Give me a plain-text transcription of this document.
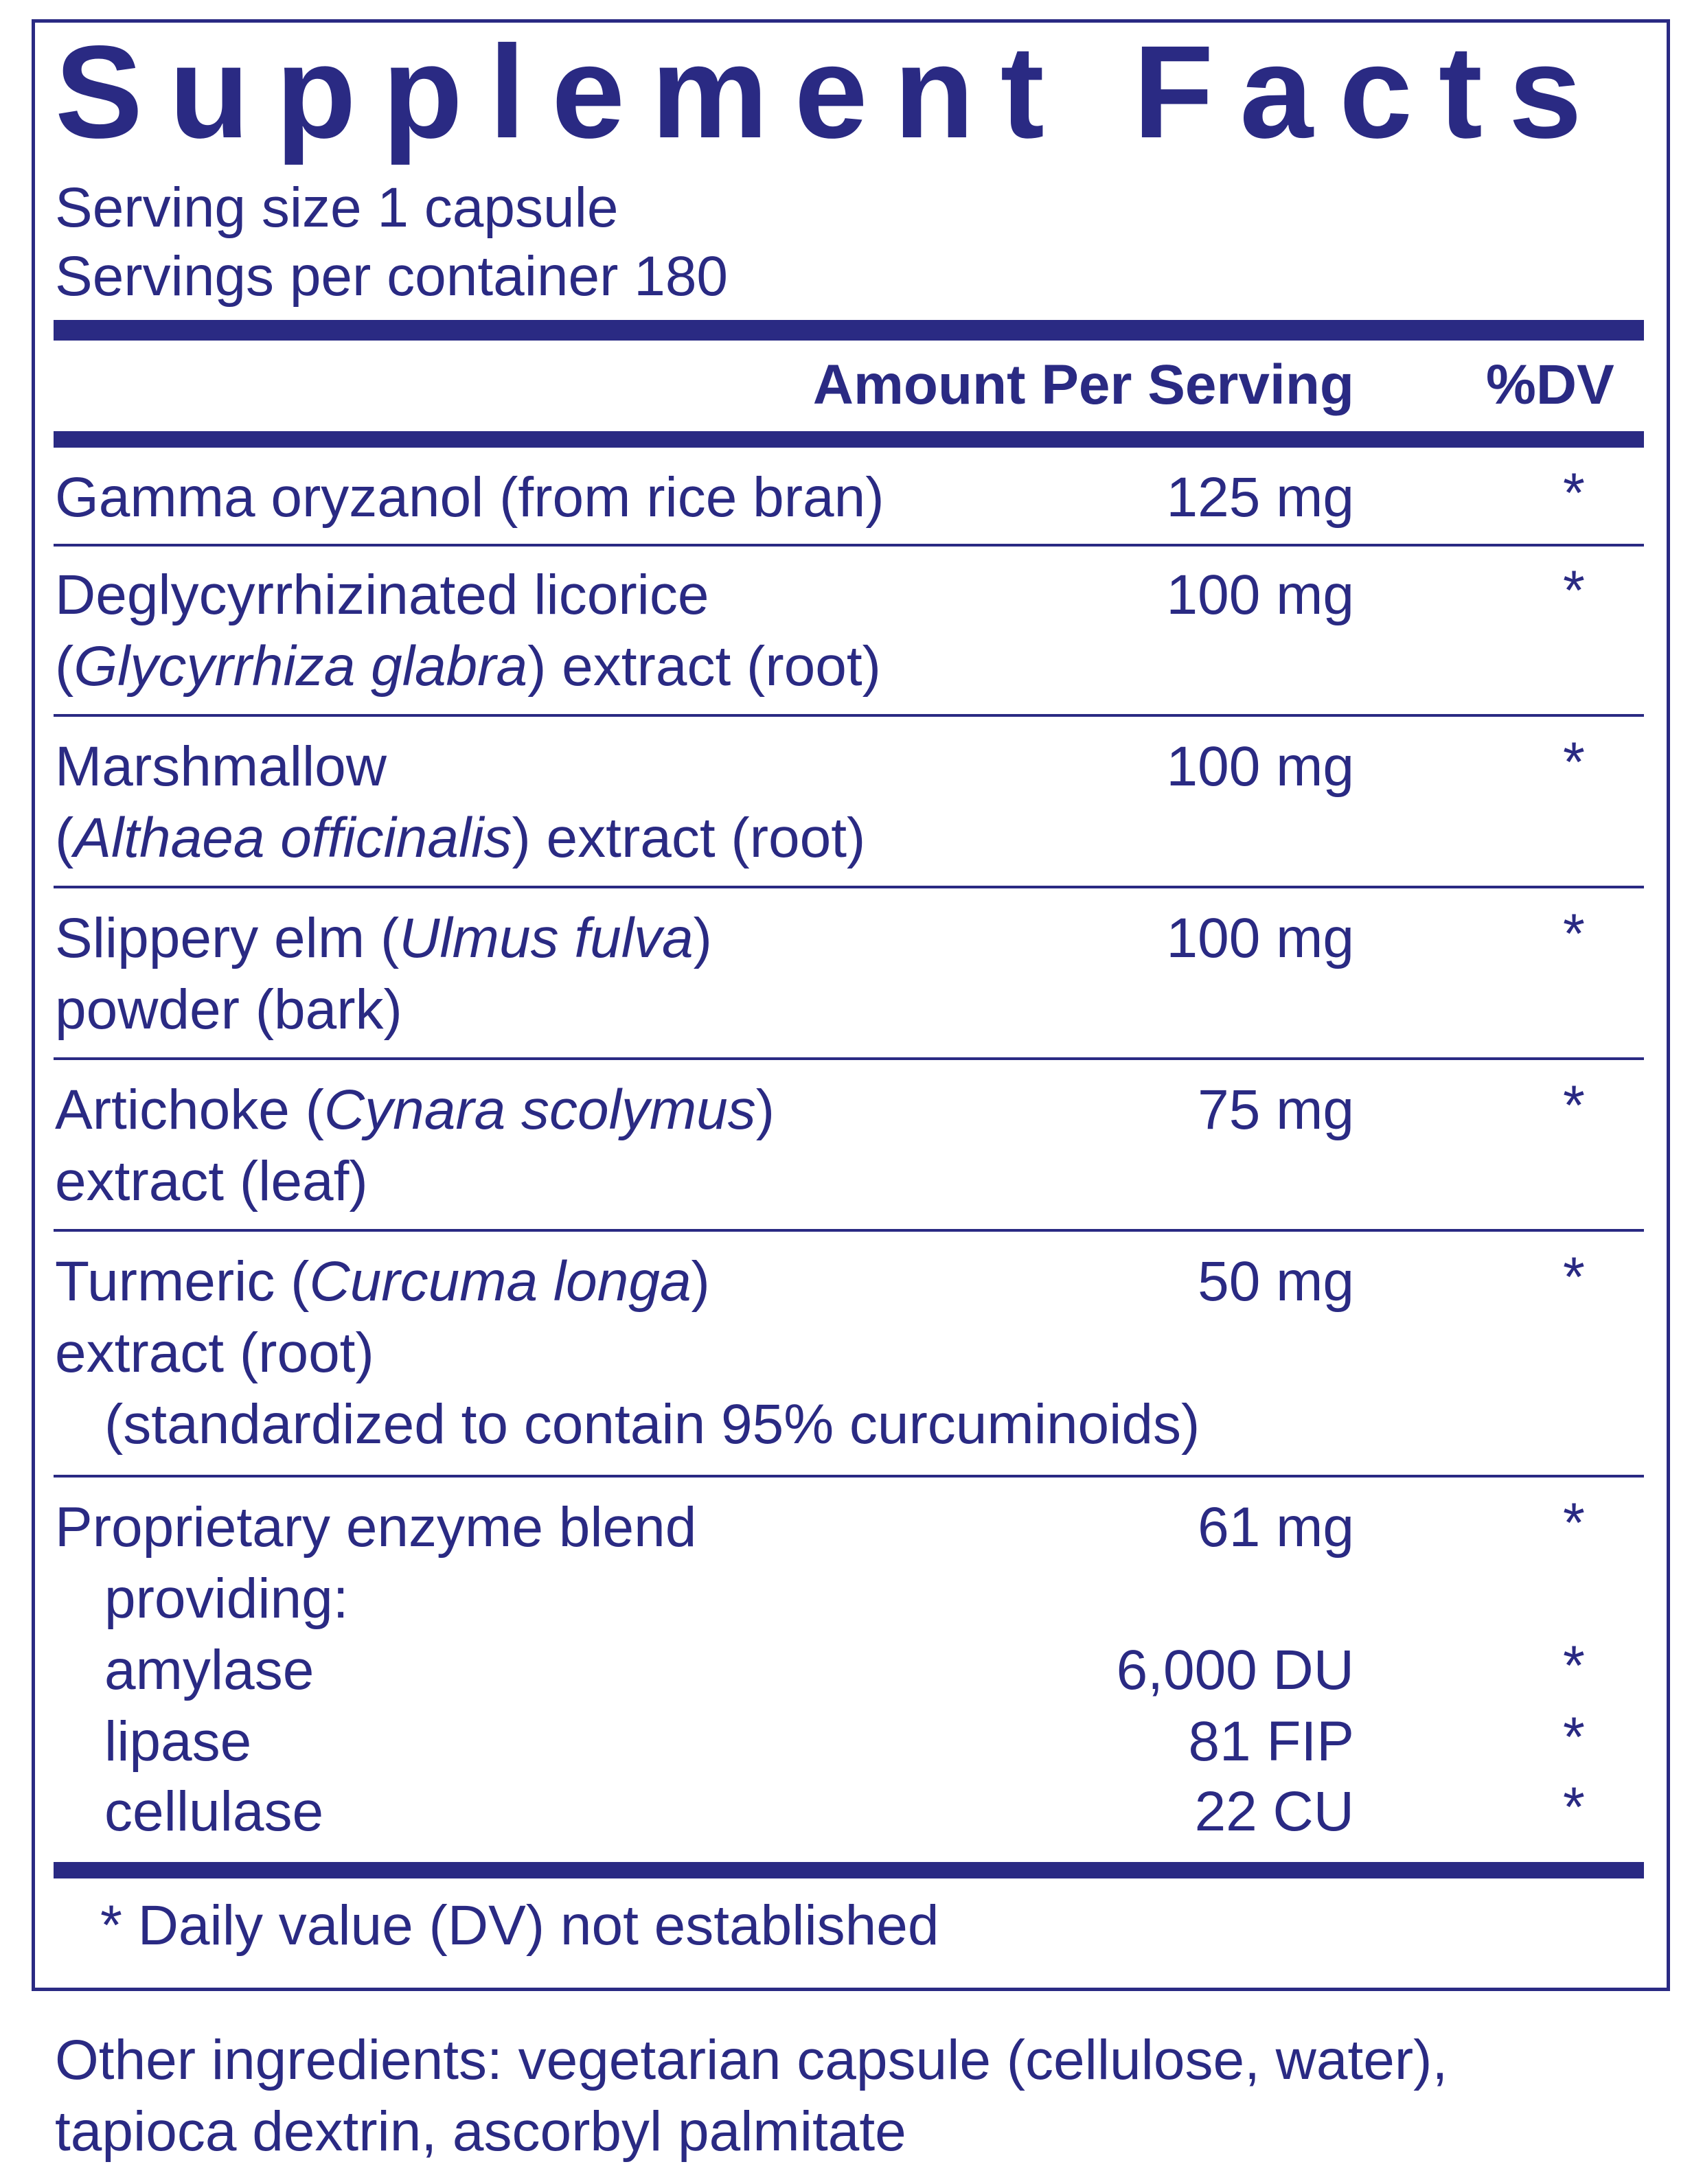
Supplement Facts
Serving size 1 capsule
Servings per container 180
Amount Per Serving %DV
Gamma oryzanol (from rice bran)	125 mg	*
Deglycyrrhizinated licorice
(Glycyrrhiza glabra) extract (root)
100 mg	*
Marshmallow
(Althaea officinalis) extract (root)
100 mg	*
Slippery elm (Ulmus fulva)
powder (bark)
100 mg	*
Artichoke (Cynara scolymus)
extract (leaf)
75 mg	*
Turmeric (Curcuma longa)
extract (root)
(standardized to contain 95% curcuminoids)
50 mg	*
Proprietary enzyme blend	61 mg	*
providing:
amylase	6,000 DU	*
lipase	81 FIP	*
cellulase	22 CU	*
* Daily value (DV) not established
Other ingredients: vegetarian capsule (cellulose, water),
tapioca dextrin, ascorbyl palmitate
